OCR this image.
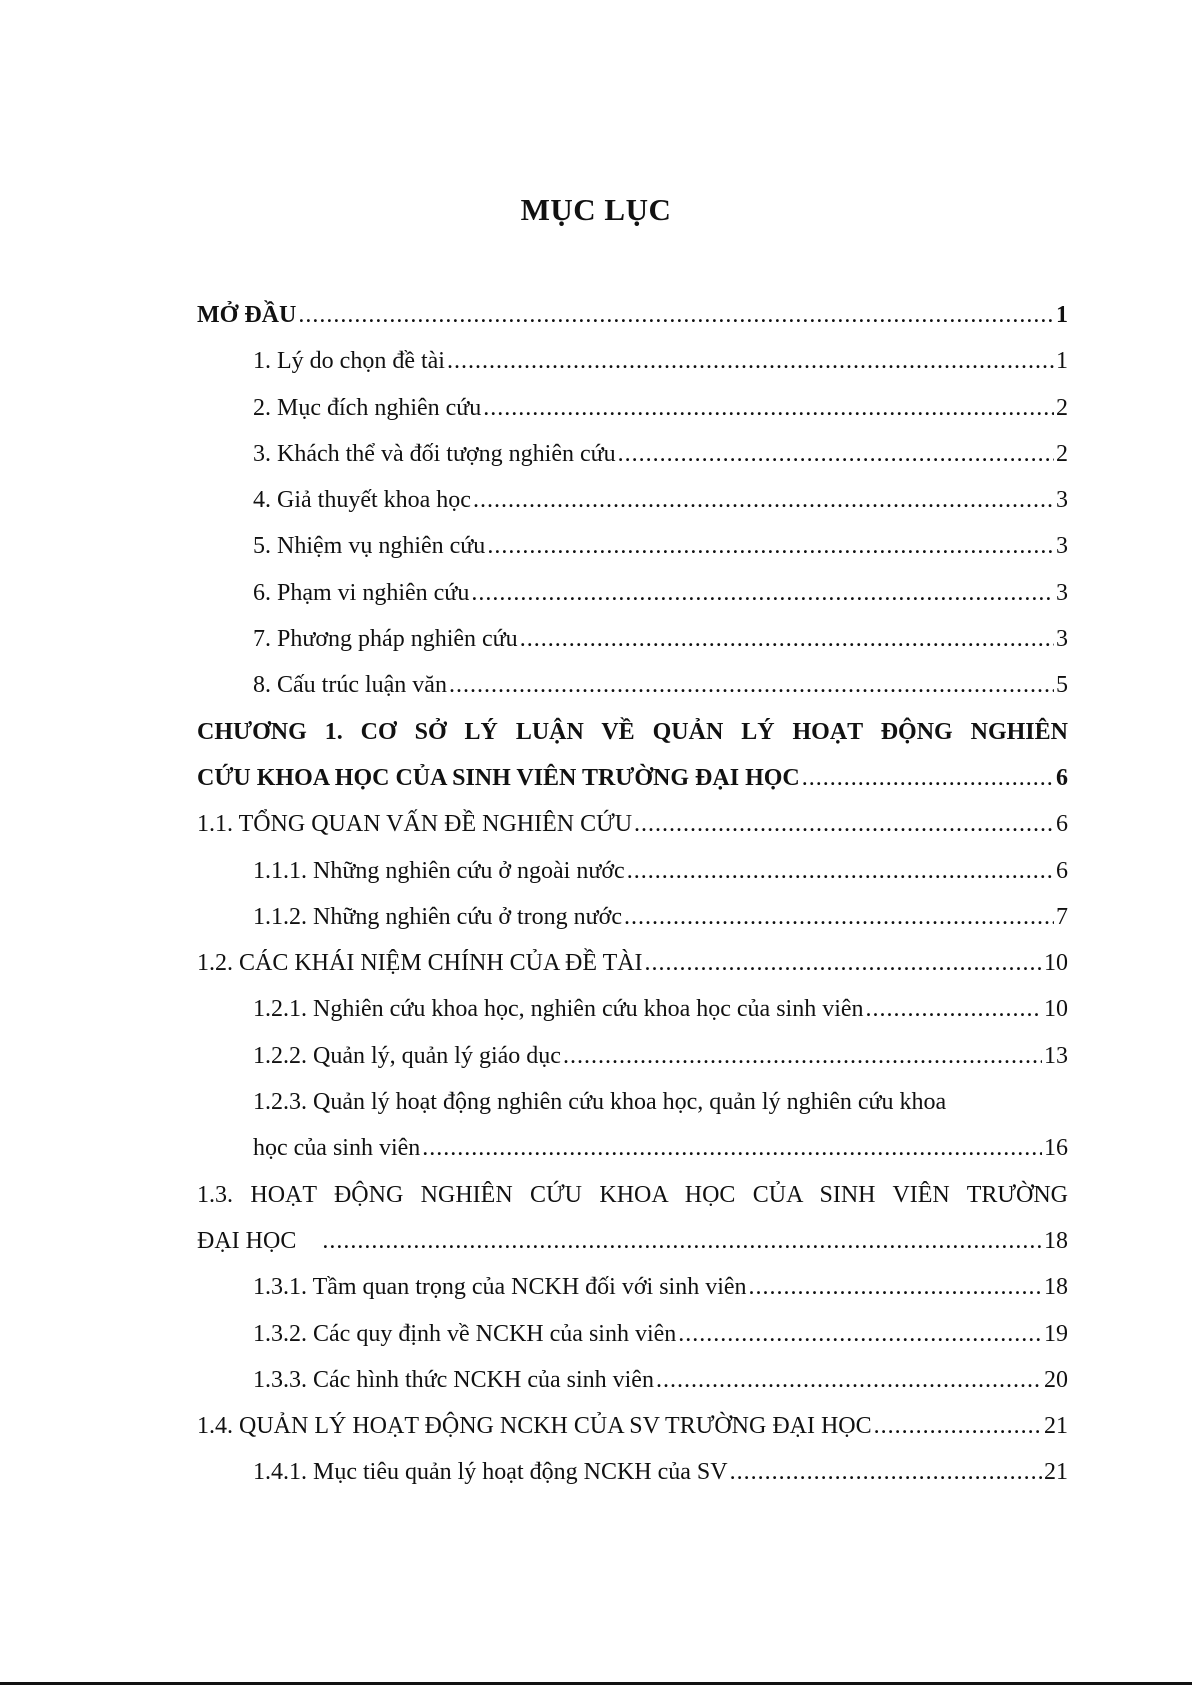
MỤC LỤC
MỞ ĐẦU .....	1
1. Lý do chọn đề tài .....	1
2. Mục đích nghiên cứu .....	2
3. Khách thể và đối tượng nghiên cứu .....	2
4. Giả thuyết khoa học .....	3
5. Nhiệm vụ nghiên cứu .....	3
6. Phạm vi nghiên cứu .....	3
7. Phương pháp nghiên cứu .....	3
8. Cấu trúc luận văn .....	5
CHƯƠNG 1. CƠ SỞ LÝ LUẬN VỀ QUẢN LÝ HOẠT ĐỘNG NGHIÊN
CỨU KHOA HỌC CỦA SINH VIÊN TRƯỜNG ĐẠI HỌC .....	6
1.1. TỔNG QUAN VẤN ĐỀ NGHIÊN CỨU .....	6
1.1.1. Những nghiên cứu ở ngoài nước .....	6
1.1.2. Những nghiên cứu ở trong nước .....	7
1.2. CÁC KHÁI NIỆM CHÍNH CỦA ĐỀ TÀI .....	10
1.2.1. Nghiên cứu khoa học, nghiên cứu khoa học của sinh viên .....	10
1.2.2. Quản lý, quản lý giáo dục .....	13
1.2.3. Quản lý hoạt động nghiên cứu khoa học, quản lý nghiên cứu khoa
học của sinh viên .....	16
1.3. HOẠT ĐỘNG NGHIÊN CỨU KHOA HỌC CỦA SINH VIÊN TRƯỜNG
ĐẠI HỌC .....	18
1.3.1. Tầm quan trọng của NCKH đối với sinh viên .....	18
1.3.2. Các quy định về NCKH của sinh viên .....	19
1.3.3. Các hình thức NCKH của sinh viên .....	20
1.4. QUẢN LÝ HOẠT ĐỘNG NCKH CỦA SV TRƯỜNG ĐẠI HỌC .....	21
1.4.1. Mục tiêu quản lý hoạt động NCKH của SV .....	21
